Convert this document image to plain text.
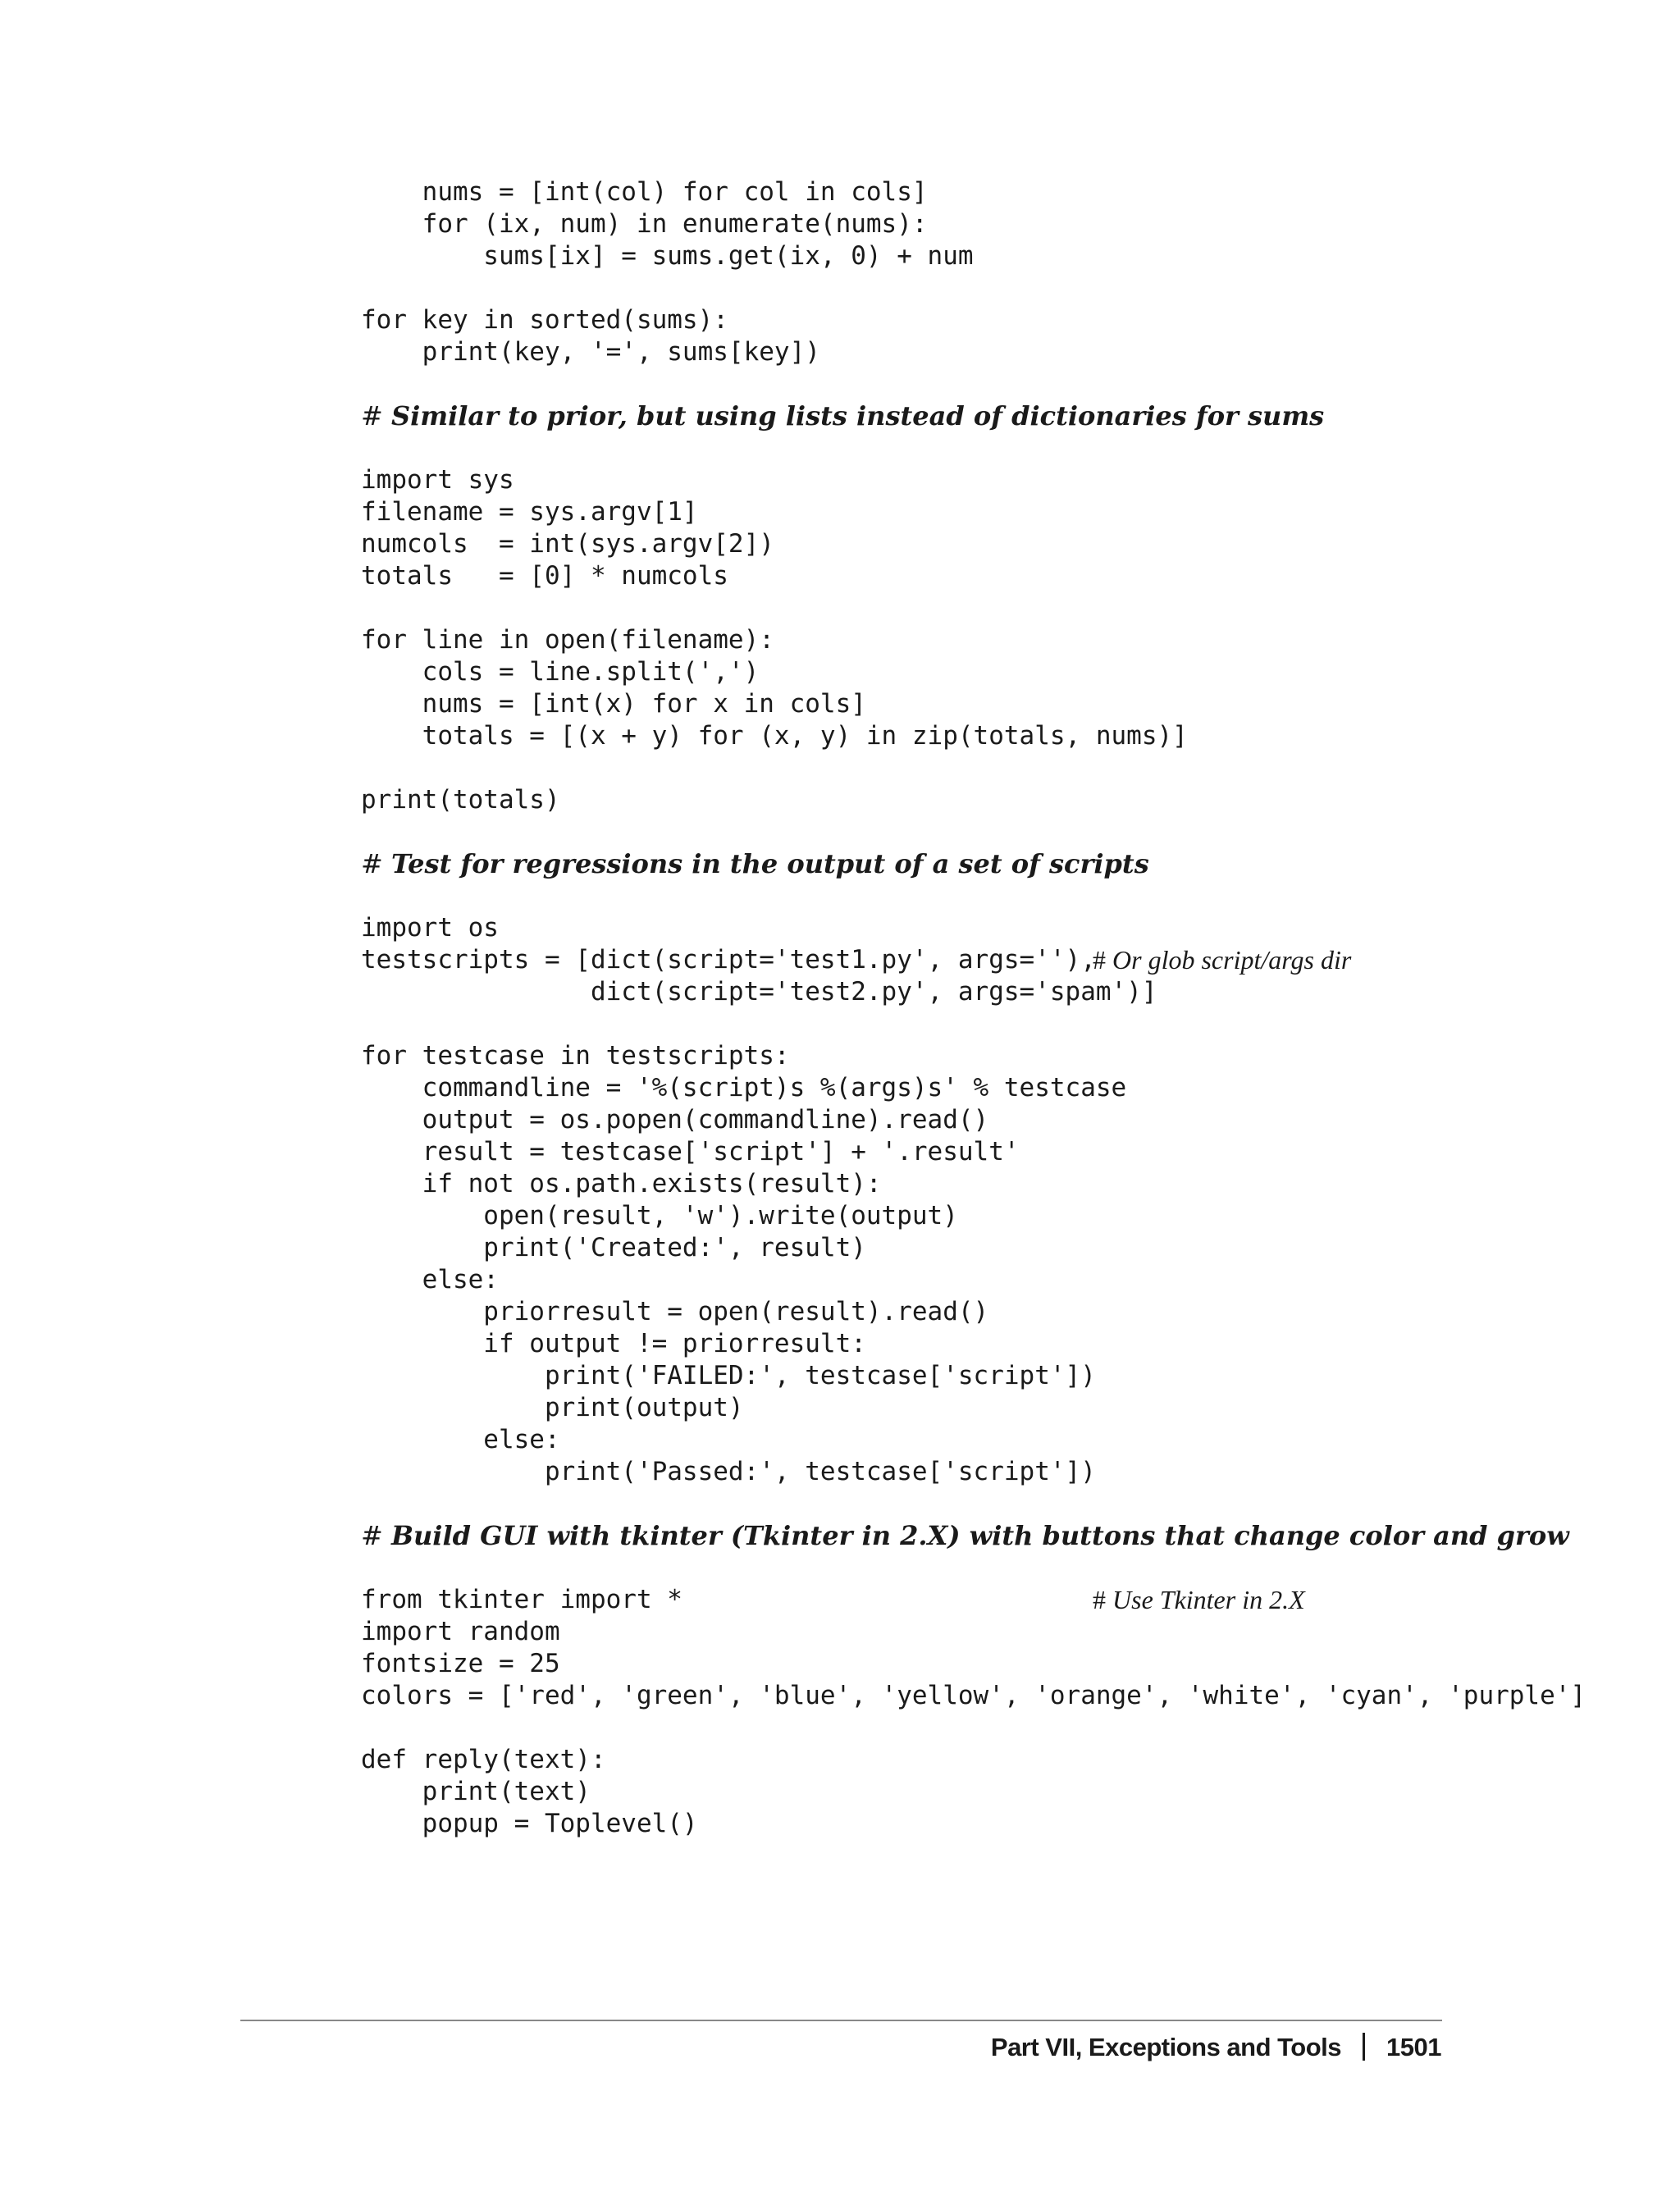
nums = [int(col) for col in cols]
for (ix, num) in enumerate(nums):
sums[ix] = sums.get(ix, 0) + num
for key in sorted(sums):
print(key, '=', sums[key])
# Similar to prior, but using lists instead of dictionaries for sums
import sys
filename = sys.argv[1]
numcols  = int(sys.argv[2])
totals   = [0] * numcols
for line in open(filename):
cols = line.split(',')
nums = [int(x) for x in cols]
totals = [(x + y) for (x, y) in zip(totals, nums)]
print(totals)
# Test for regressions in the output of a set of scripts
import os
testscripts = [dict(script='test1.py', args=''),
# Or glob script/args dir
dict(script='test2.py', args='spam')]
for testcase in testscripts:
commandline = '%(script)s %(args)s' % testcase
output = os.popen(commandline).read()
result = testcase['script'] + '.result'
if not os.path.exists(result):
open(result, 'w').write(output)
print('Created:', result)
else:
priorresult = open(result).read()
if output != priorresult:
print('FAILED:', testcase['script'])
print(output)
else:
print('Passed:', testcase['script'])
# Build GUI with tkinter (Tkinter in 2.X) with buttons that change color and grow
from tkinter import *	# Use Tkinter in 2.X
import random
fontsize = 25
colors = ['red', 'green', 'blue', 'yellow', 'orange', 'white', 'cyan', 'purple']
def reply(text):
print(text)
popup = Toplevel()
Part VII, Exceptions and Tools 1501
